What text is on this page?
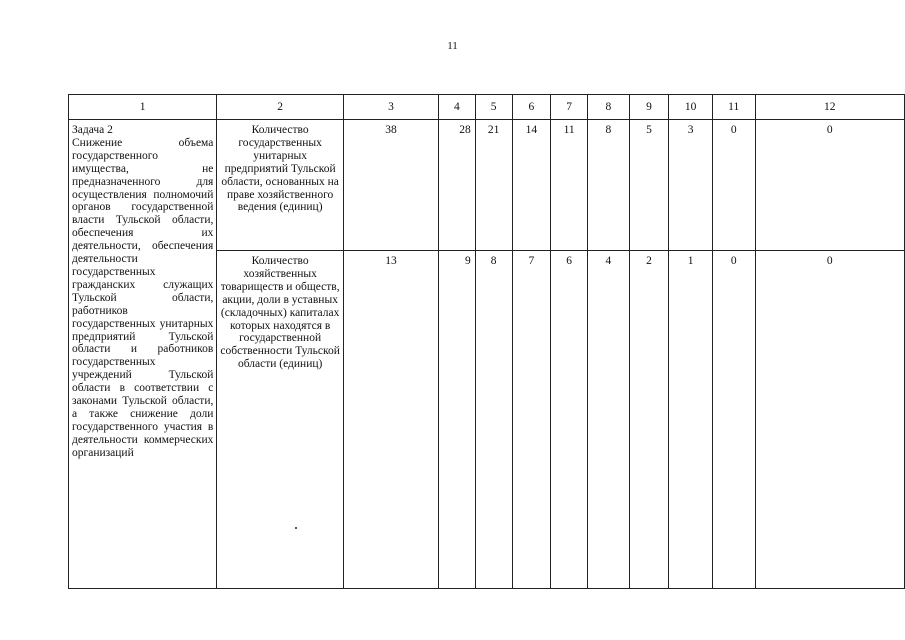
11
1	2	3	4	5	6	7	8	9	10	11	12

Задача 2
Снижение объема государственного имущества, не предназначенного для осуществления полномочий органов государственной власти Тульской области, обеспечения их деятельности, обеспечения деятельности государственных гражданских служащих Тульской области, работников государственных унитарных предприятий Тульской области и работников государственных учреждений Тульской области в соответствии с законами Тульской области, а также снижение доли государственного участия в деятельности коммерческих организаций	Количество государственных унитарных предприятий Тульской области, основанных на праве хозяйственного ведения (единиц)	38	28	21	14	11	8	5	3	0	0
	Количество хозяйственных товариществ и обществ, акции, доли в уставных (складочных) капиталах которых находятся в государственной собственности Тульской области (единиц)	13	9	8	7	6	4	2	1	0	0
